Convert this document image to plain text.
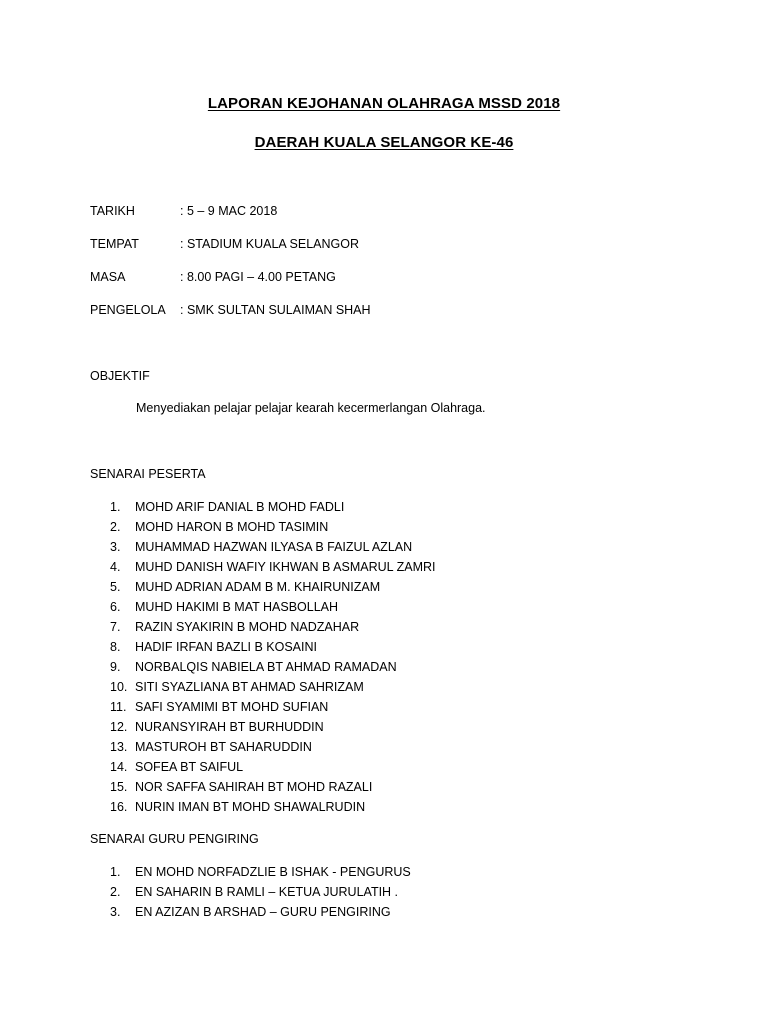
LAPORAN KEJOHANAN OLAHRAGA MSSD 2018
DAERAH KUALA SELANGOR KE-46
TARIKH	: 5 – 9 MAC 2018
TEMPAT	: STADIUM KUALA SELANGOR
MASA	: 8.00 PAGI – 4.00 PETANG
PENGELOLA : SMK SULTAN SULAIMAN SHAH
OBJEKTIF
Menyediakan pelajar pelajar kearah kecermerlangan Olahraga.
SENARAI PESERTA
1.	MOHD ARIF DANIAL B MOHD FADLI
2.	MOHD HARON B MOHD TASIMIN
3.	MUHAMMAD HAZWAN ILYASA B FAIZUL AZLAN
4.	MUHD DANISH WAFIY IKHWAN B ASMARUL ZAMRI
5.	MUHD ADRIAN ADAM B M. KHAIRUNIZAM
6.	MUHD HAKIMI B MAT HASBOLLAH
7.	RAZIN SYAKIRIN B MOHD NADZAHAR
8.	HADIF IRFAN BAZLI B KOSAINI
9.	NORBALQIS NABIELA BT AHMAD RAMADAN
10. SITI SYAZLIANA BT AHMAD SAHRIZAM
11. SAFI SYAMIMI BT MOHD SUFIAN
12. NURANSYIRAH BT BURHUDDIN
13. MASTUROH BT SAHARUDDIN
14. SOFEA BT SAIFUL
15. NOR SAFFA SAHIRAH BT MOHD RAZALI
16. NURIN IMAN BT MOHD SHAWALRUDIN
SENARAI GURU PENGIRING
1.	EN MOHD NORFADZLIE B ISHAK - PENGURUS
2.	EN SAHARIN B RAMLI – KETUA JURULATIH .
3.	EN AZIZAN B ARSHAD – GURU PENGIRING
